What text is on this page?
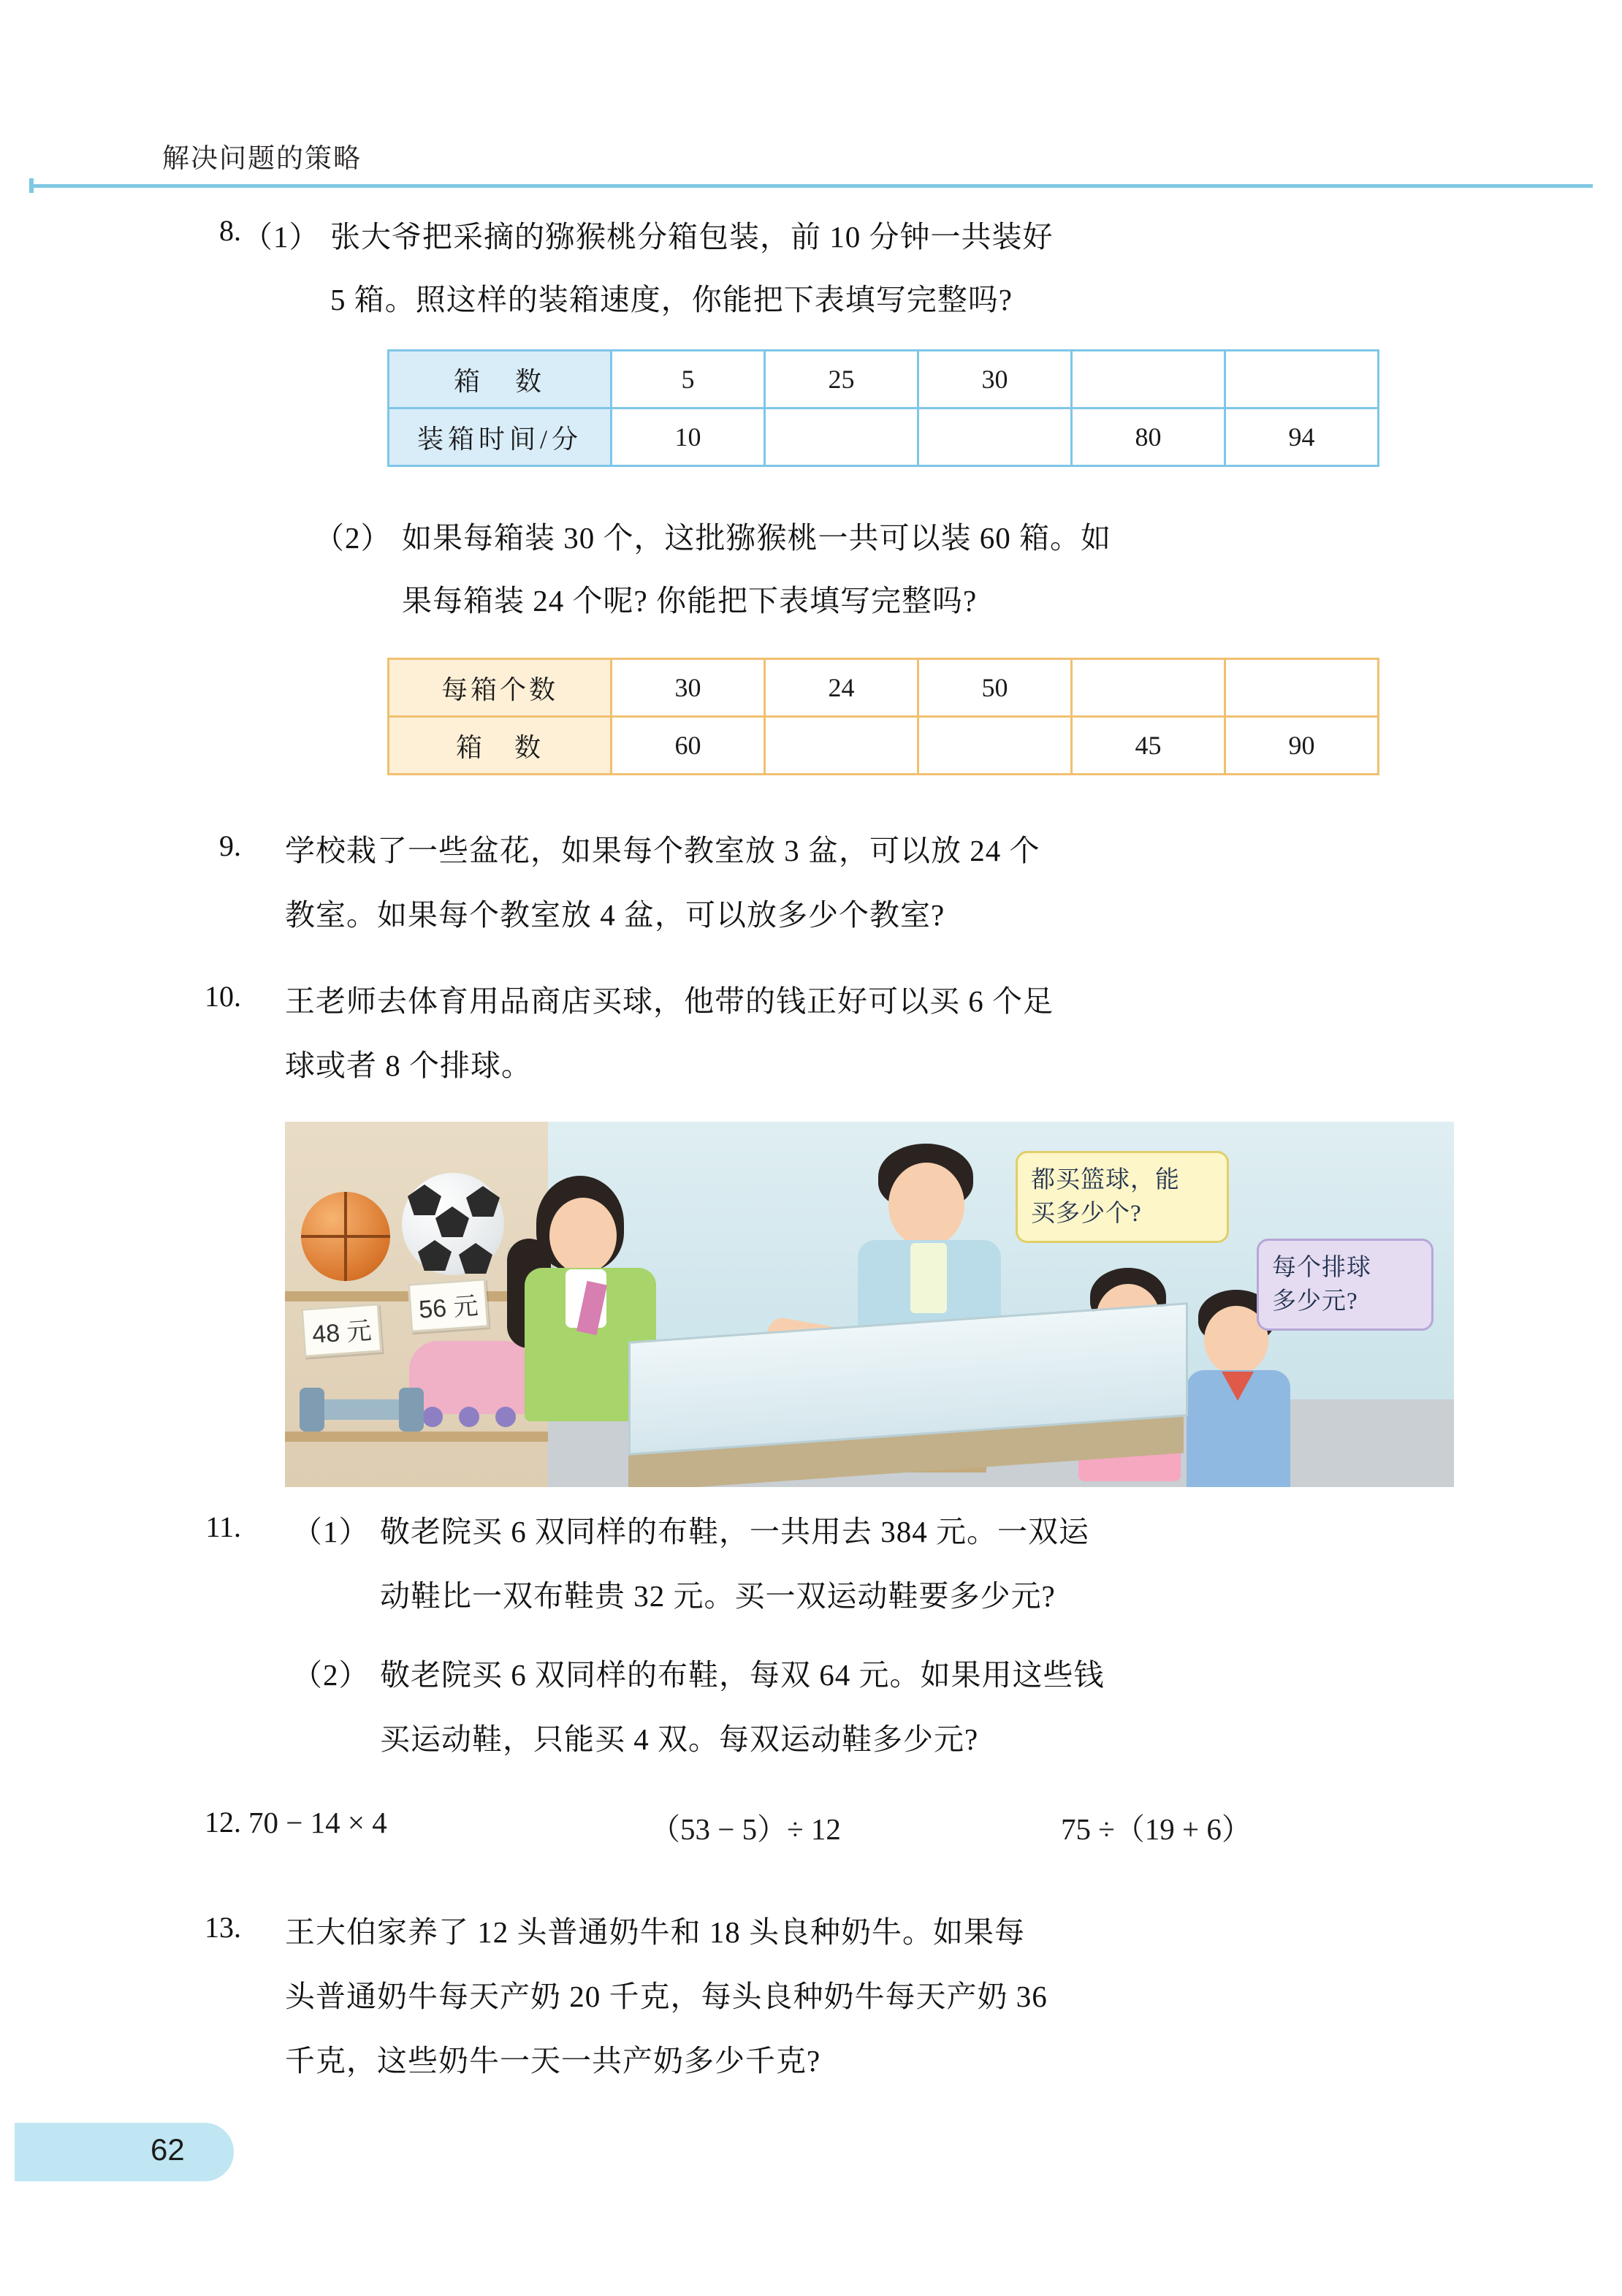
解决问题的策略
8. （1） 张大爷把采摘的猕猴桃分箱包装，前 10 分钟一共装好
5 箱。照这样的装箱速度，你能把下表填写完整吗?
箱　数	5	25	30		
装箱时间/分	10			80	94
（2） 如果每箱装 30 个，这批猕猴桃一共可以装 60 箱。如
果每箱装 24 个呢? 你能把下表填写完整吗?
每箱个数	30	24	50		
箱　数	60			45	90
9. 学校栽了一些盆花，如果每个教室放 3 盆，可以放 24 个
教室。如果每个教室放 4 盆，可以放多少个教室?
10. 王老师去体育用品商店买球，他带的钱正好可以买 6 个足
球或者 8 个排球。
48 元
56 元
都买篮球，能
买多少个?
每个排球
多少元?
11. （1） 敬老院买 6 双同样的布鞋，一共用去 384 元。一双运
动鞋比一双布鞋贵 32 元。买一双运动鞋要多少元?
（2） 敬老院买 6 双同样的布鞋，每双 64 元。如果用这些钱
买运动鞋，只能买 4 双。每双运动鞋多少元?
12. 70 − 14 × 4	（53 − 5）÷ 12	75 ÷（19 + 6）
13. 王大伯家养了 12 头普通奶牛和 18 头良种奶牛。如果每
头普通奶牛每天产奶 20 千克，每头良种奶牛每天产奶 36
千克，这些奶牛一天一共产奶多少千克?
62
